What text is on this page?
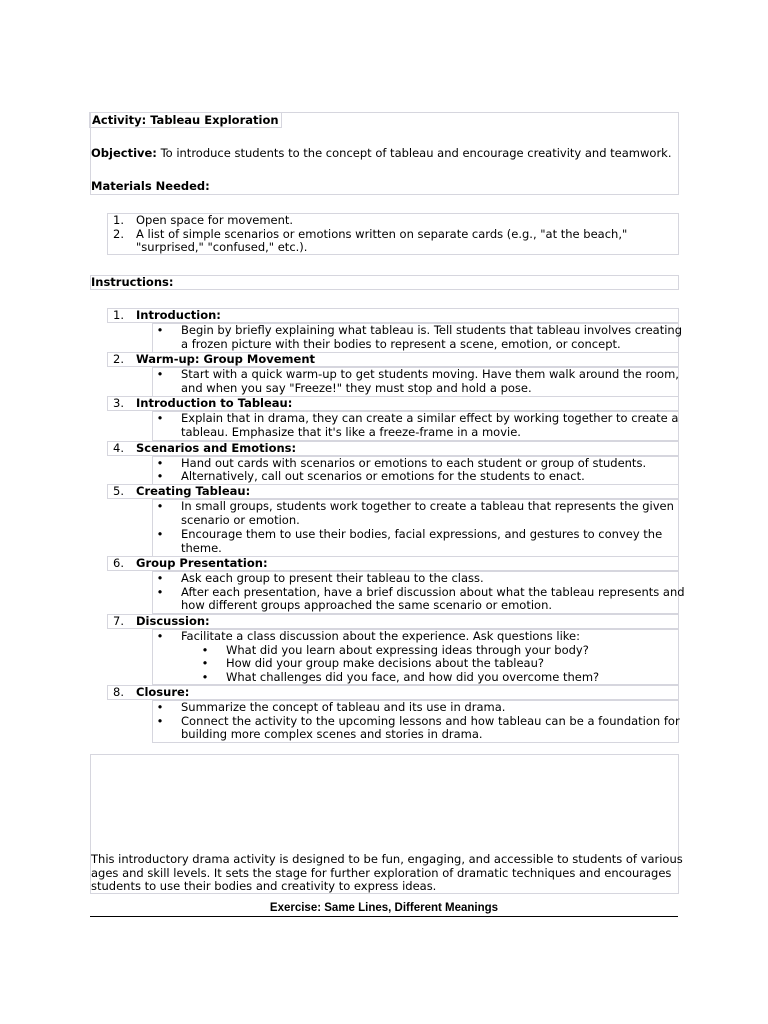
Activity: Tableau Exploration
Objective: To introduce students to the concept of tableau and encourage creativity and teamwork.
Materials Needed:
1. Open space for movement.
2. A list of simple scenarios or emotions written on separate cards (e.g., "at the beach,"
"surprised," "confused," etc.).
Instructions:
1. Introduction:
• Begin by briefly explaining what tableau is. Tell students that tableau involves creating
a frozen picture with their bodies to represent a scene, emotion, or concept.
2. Warm-up: Group Movement
• Start with a quick warm-up to get students moving. Have them walk around the room,
and when you say "Freeze!" they must stop and hold a pose.
3. Introduction to Tableau:
• Explain that in drama, they can create a similar effect by working together to create a
tableau. Emphasize that it's like a freeze-frame in a movie.
4. Scenarios and Emotions:
• Hand out cards with scenarios or emotions to each student or group of students.
• Alternatively, call out scenarios or emotions for the students to enact.
5. Creating Tableau:
• In small groups, students work together to create a tableau that represents the given
scenario or emotion.
• Encourage them to use their bodies, facial expressions, and gestures to convey the
theme.
6. Group Presentation:
• Ask each group to present their tableau to the class.
• After each presentation, have a brief discussion about what the tableau represents and
how different groups approached the same scenario or emotion.
7. Discussion:
• Facilitate a class discussion about the experience. Ask questions like:
• What did you learn about expressing ideas through your body?
• How did your group make decisions about the tableau?
• What challenges did you face, and how did you overcome them?
8. Closure:
• Summarize the concept of tableau and its use in drama.
• Connect the activity to the upcoming lessons and how tableau can be a foundation for
building more complex scenes and stories in drama.
This introductory drama activity is designed to be fun, engaging, and accessible to students of various
ages and skill levels. It sets the stage for further exploration of dramatic techniques and encourages
students to use their bodies and creativity to express ideas.
Exercise: Same Lines, Different Meanings
